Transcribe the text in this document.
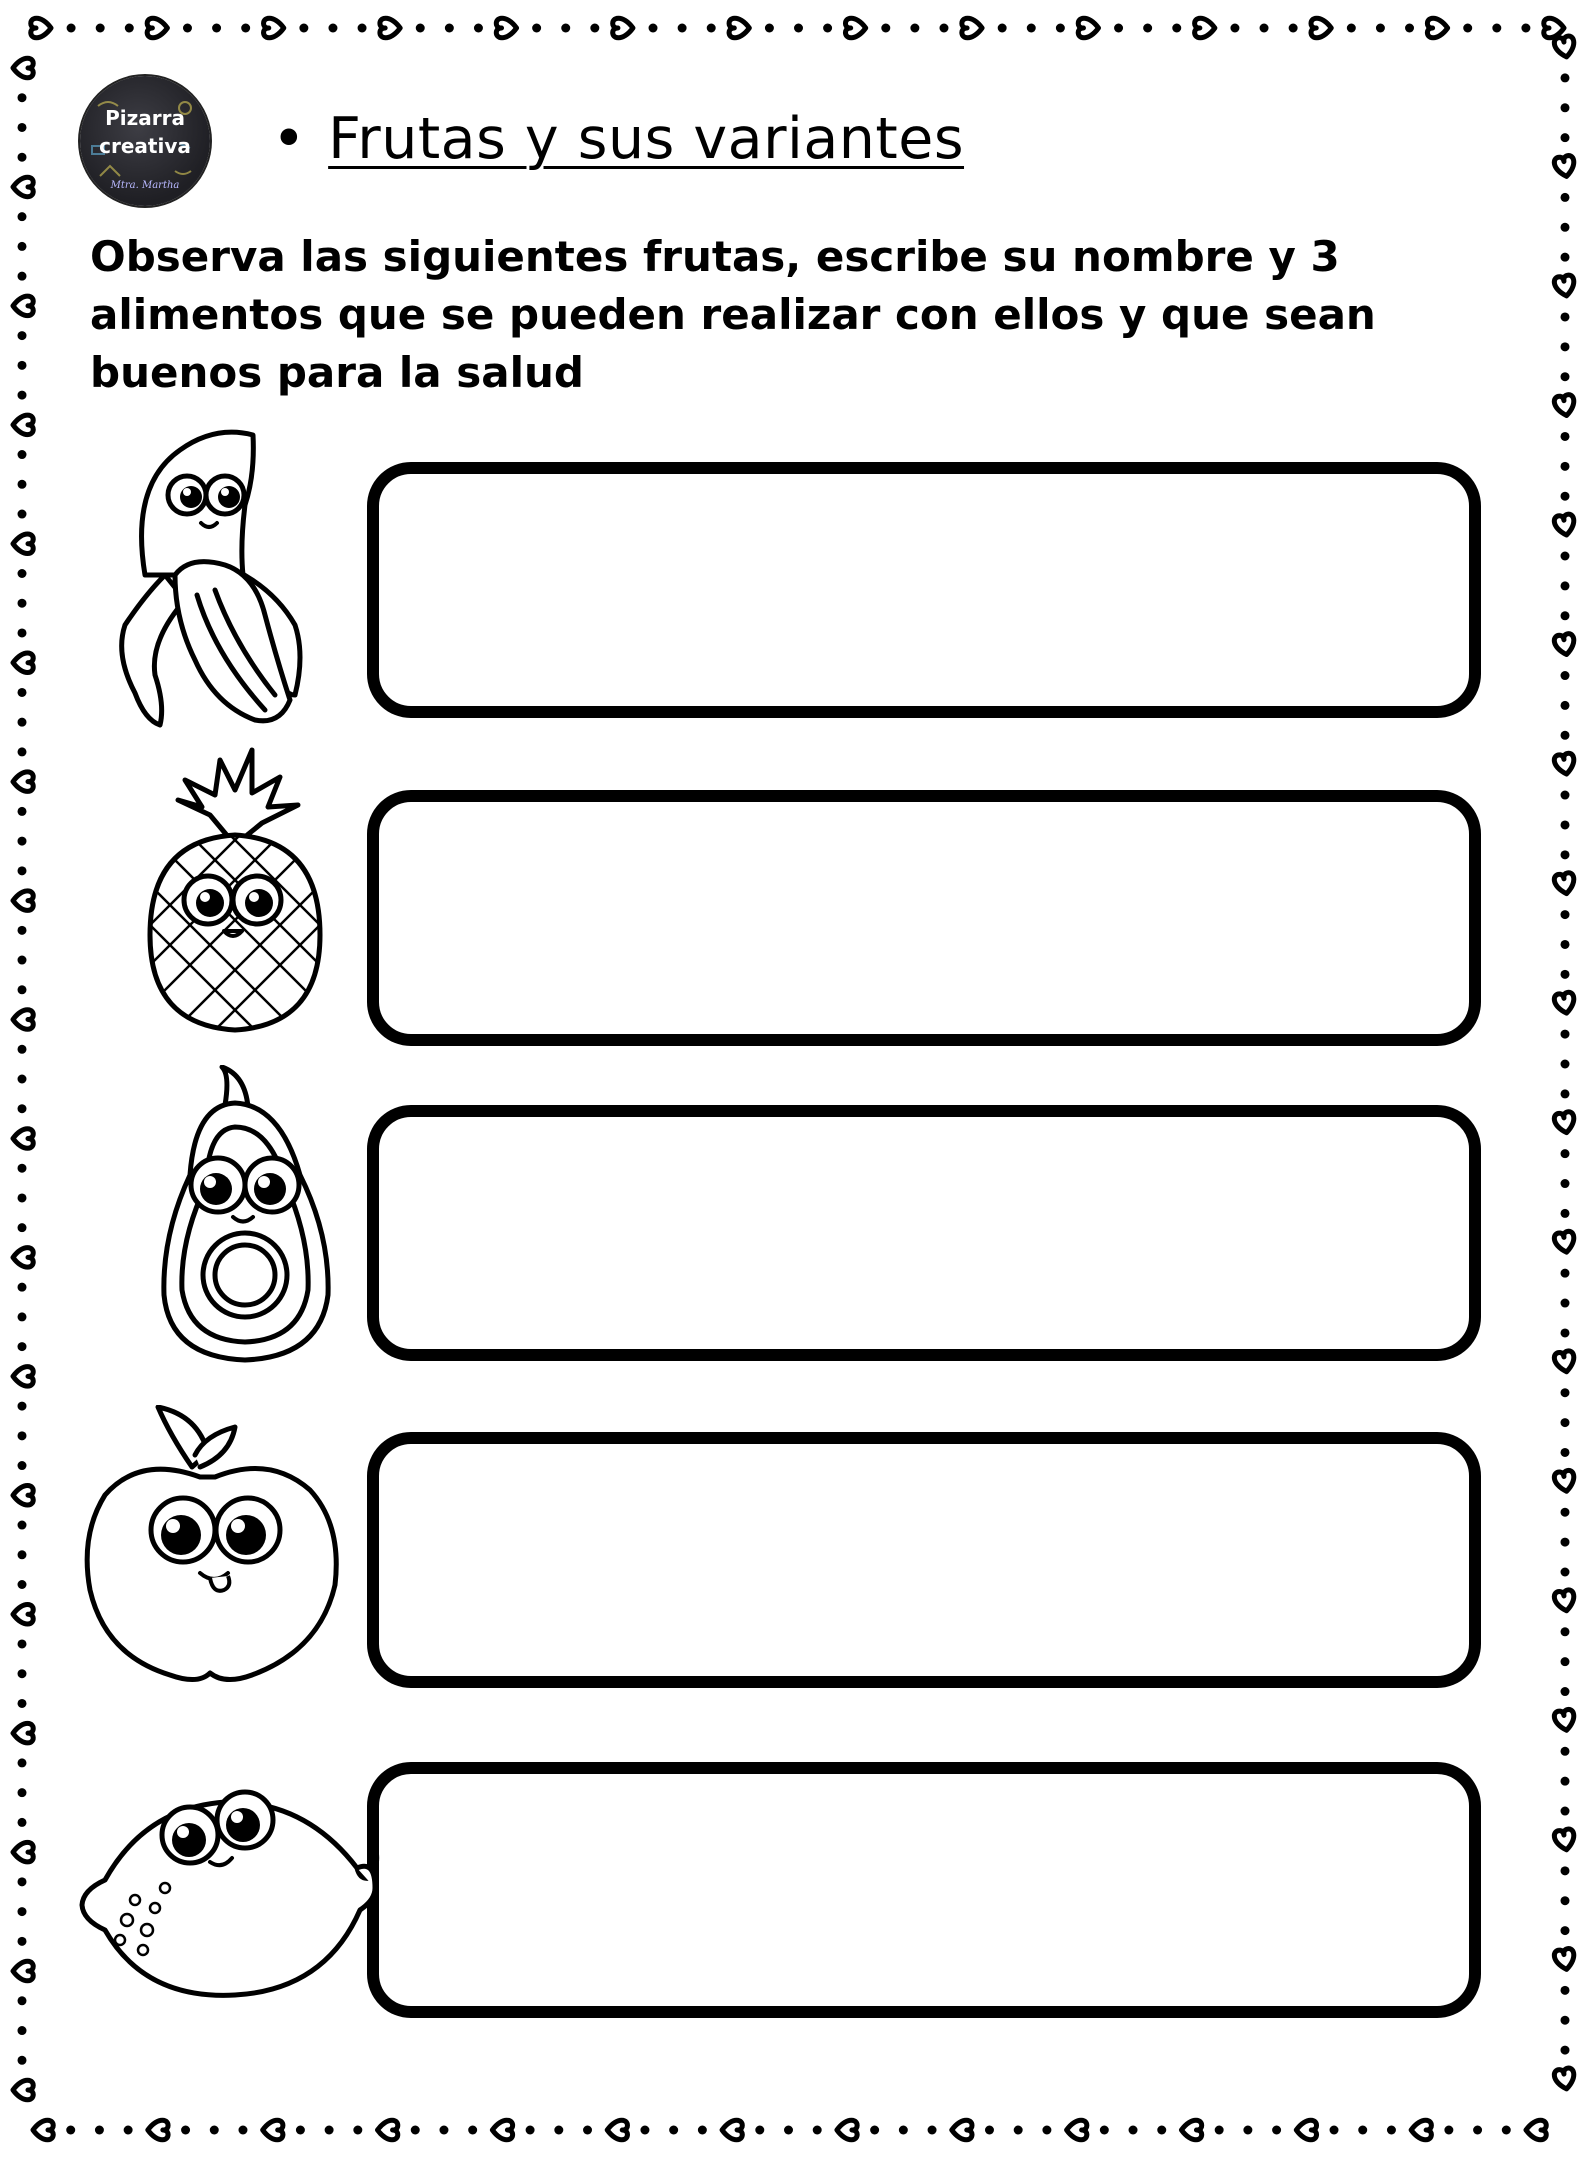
Pizarra
creativa
Mtra. Martha
• Frutas y sus variantes
Observa las siguientes frutas, escribe su nombre y 3 alimentos que se pueden realizar con ellos y que sean buenos para la salud
